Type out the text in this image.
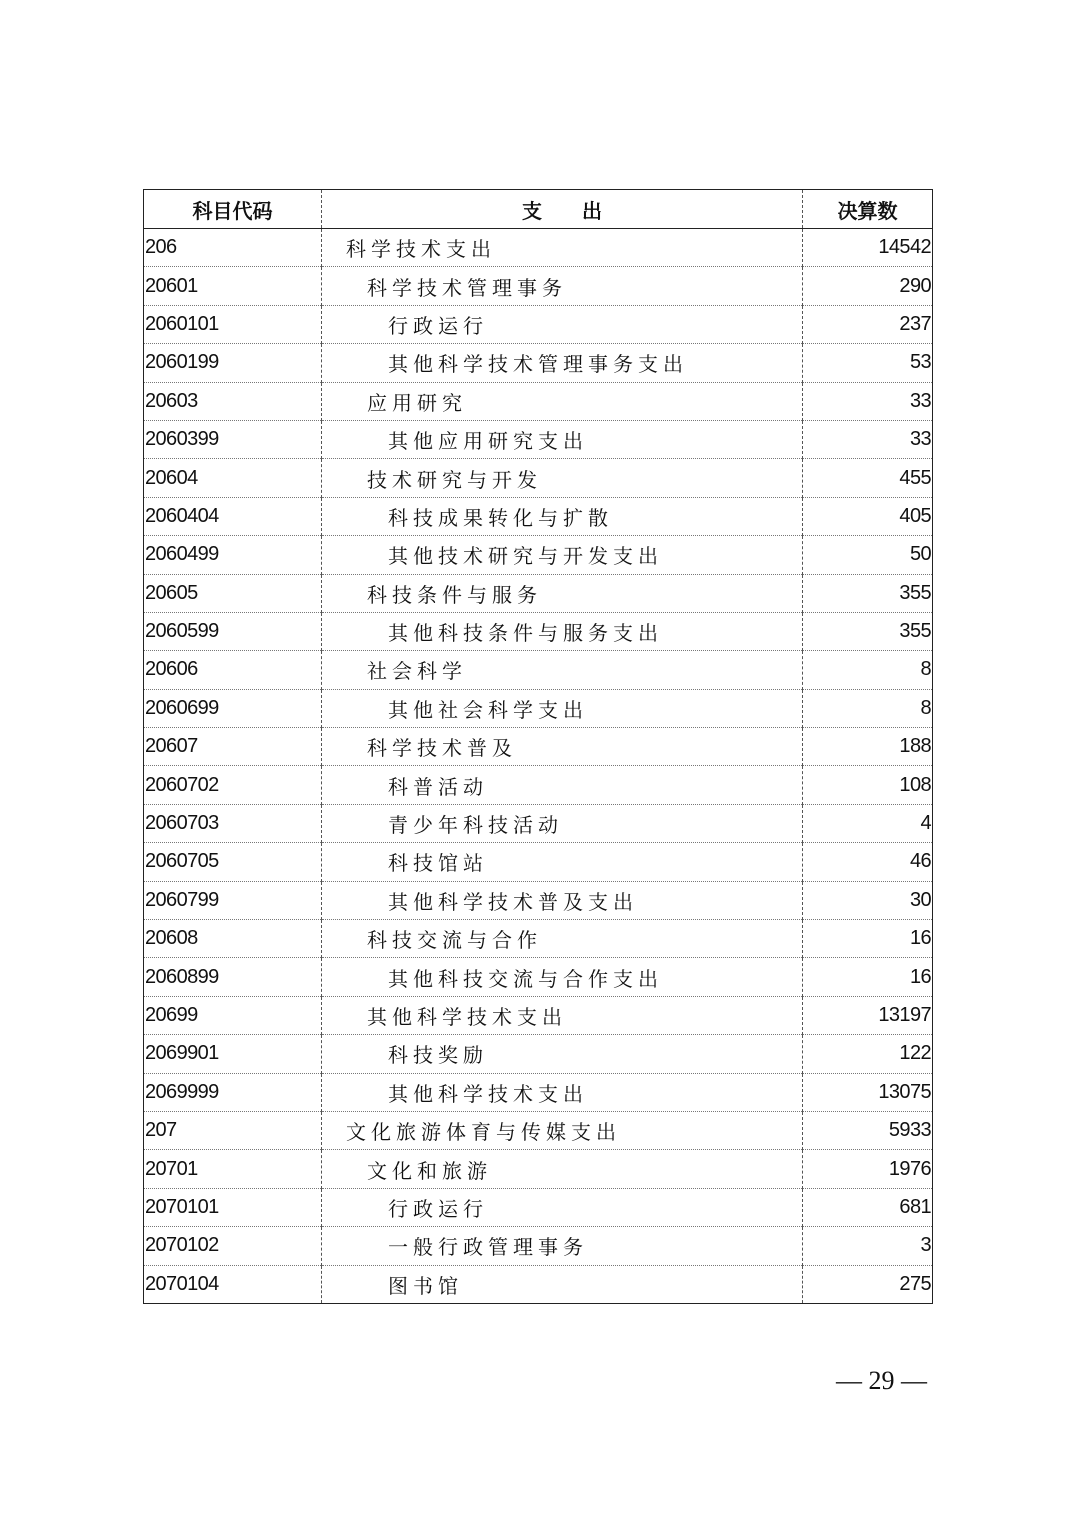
科目代码	支　　出	决算数
206	科学技术支出	14542
20601	科学技术管理事务	290
2060101	行政运行	237
2060199	其他科学技术管理事务支出	53
20603	应用研究	33
2060399	其他应用研究支出	33
20604	技术研究与开发	455
2060404	科技成果转化与扩散	405
2060499	其他技术研究与开发支出	50
20605	科技条件与服务	355
2060599	其他科技条件与服务支出	355
20606	社会科学	8
2060699	其他社会科学支出	8
20607	科学技术普及	188
2060702	科普活动	108
2060703	青少年科技活动	4
2060705	科技馆站	46
2060799	其他科学技术普及支出	30
20608	科技交流与合作	16
2060899	其他科技交流与合作支出	16
20699	其他科学技术支出	13197
2069901	科技奖励	122
2069999	其他科学技术支出	13075
207	文化旅游体育与传媒支出	5933
20701	文化和旅游	1976
2070101	行政运行	681
2070102	一般行政管理事务	3
2070104	图书馆	275
— 29 —
